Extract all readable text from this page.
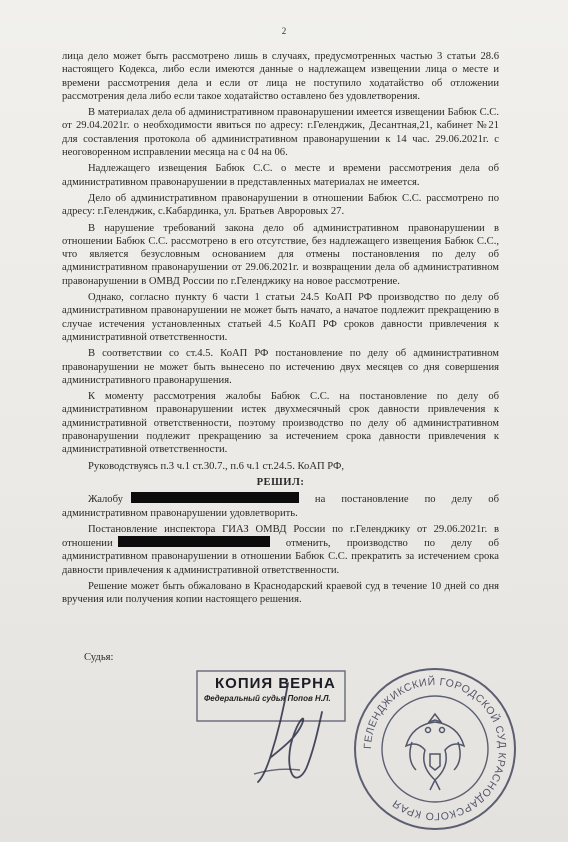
2

лица дело может быть рассмотрено лишь в случаях, предусмотренных частью 3 статьи 28.6 настоящего Кодекса, либо если имеются данные о надлежащем извещении лица о месте и времени рассмотрения дела и если от лица не поступило ходатайство об отложении рассмотрения дела либо если такое ходатайство оставлено без удовлетворения.

В материалах дела об административном правонарушении имеется извещении Бабюк С.С. от 29.04.2021г. о необходимости явиться по адресу: г.Геленджик, Десантная,21, кабинет №21 для составления протокола об административном правонарушении к 14 час. 29.06.2021г. с неоговоренном исправлении месяца на с 04 на 06.

Надлежащего извещения Бабюк С.С. о месте и времени рассмотрения дела об административном правонарушении в представленных материалах не имеется.

Дело об административном правонарушении в отношении Бабюк С.С. рассмотрено по адресу: г.Геленджик, с.Кабардинка, ул. Братьев Авроровых 27.

В нарушение требований закона дело об административном правонарушении в отношении Бабюк С.С. рассмотрено в его отсутствие, без надлежащего извещения Бабюк С.С., что является безусловным основанием для отмены постановления по делу об административном правонарушении от 29.06.2021г. и возвращении дела об административном правонарушении в ОМВД России по г.Геленджику на новое рассмотрение.

Однако, согласно пункту 6 части 1 статьи 24.5 КоАП РФ производство по делу об административном правонарушении не может быть начато, а начатое подлежит прекращению в случае истечения установленных статьей 4.5 КоАП РФ сроков давности привлечения к административной ответственности.

В соответствии со ст.4.5. КоАП РФ постановление по делу об административном правонарушении не может быть вынесено по истечению двух месяцев со дня совершения административного правонарушения.

К моменту рассмотрения жалобы Бабюк С.С. на постановление по делу об административном правонарушении истек двухмесячный срок давности привлечения к административной ответственности, поэтому производство по делу об административном правонарушении подлежит прекращению за истечением срока давности привлечения к административной ответственности.

Руководствуясь п.3 ч.1 ст.30.7., п.6 ч.1 ст.24.5. КоАП РФ,

РЕШИЛ:

Жалобу	на постановление по делу об административном правонарушении удовлетворить.

Постановление инспектора ГИАЗ ОМВД России по г.Геленджику от 29.06.2021г. в отношении	отменить, производство по делу об административном правонарушении в отношении Бабюк С.С. прекратить за истечением срока давности привлечения к административной ответственности.

Решение может быть обжаловано в Краснодарский краевой суд в течение 10 дней со дня вручения или получения копии настоящего решения.

Судья:
КОПИЯ ВЕРНА
Федеральный судья Попов Н.Л.
ГЕЛЕНДЖИКСКИЙ ГОРОДСКОЙ СУД КРАСНОДАРСКОГО КРАЯ
